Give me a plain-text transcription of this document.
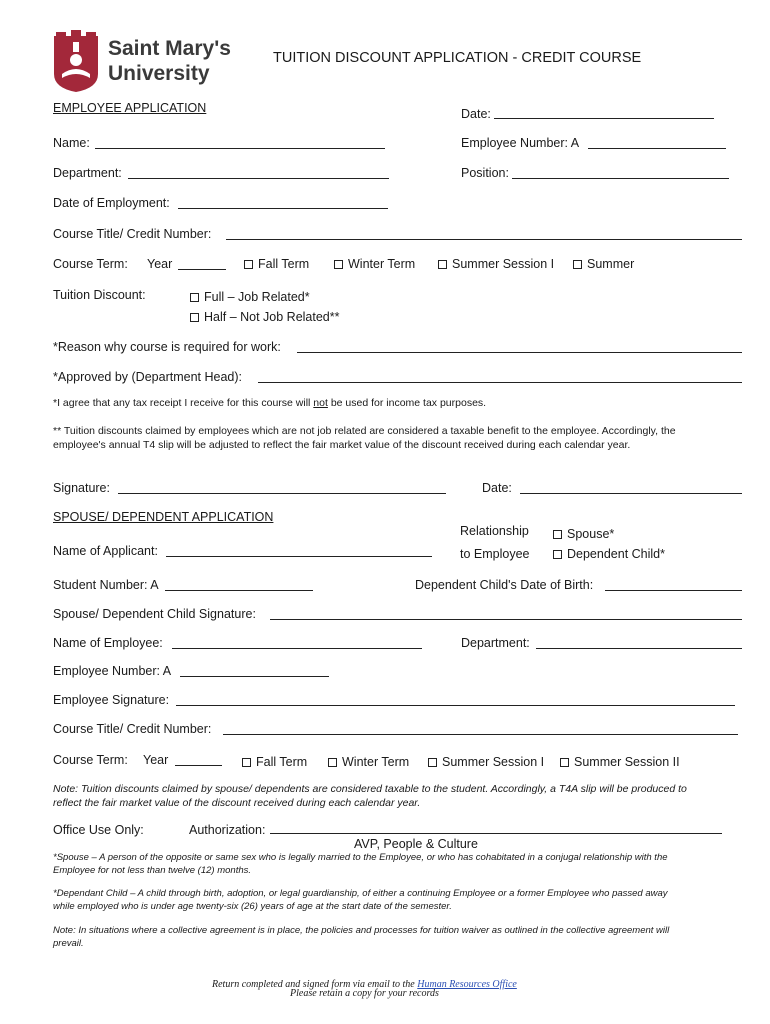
Saint Mary's
University
TUITION DISCOUNT APPLICATION - CREDIT COURSE
EMPLOYEE APPLICATION	Date:
Name:	Employee Number: A
Department:	Position:
Date of Employment:
Course Title/ Credit Number:
Course Term: Year	Fall Term	Winter Term	Summer Session I	Summer
Tuition Discount:	Full – Job Related*
Half – Not Job Related**
*Reason why course is required for work:
*Approved by (Department Head):
*I agree that any tax receipt I receive for this course will not be used for income tax purposes.
** Tuition discounts claimed by employees which are not job related are considered a taxable benefit to the employee. Accordingly, the employee's annual T4 slip will be adjusted to reflect the fair market value of the discount received during each calendar year.
Signature:	Date:
SPOUSE/ DEPENDENT APPLICATION
Relationship
to Employee
Spouse*
Dependent Child*
Name of Applicant:
Student Number: A	Dependent Child's Date of Birth:
Spouse/ Dependent Child Signature:
Name of Employee:	Department:
Employee Number: A
Employee Signature:
Course Title/ Credit Number:
Course Term: Year	Fall Term	Winter Term	Summer Session I	Summer Session II
Note: Tuition discounts claimed by spouse/ dependents are considered taxable to the student. Accordingly, a T4A slip will be produced to reflect the fair market value of the discount received during each calendar year.
Office Use Only:	Authorization:
AVP, People & Culture
*Spouse – A person of the opposite or same sex who is legally married to the Employee, or who has cohabitated in a conjugal relationship with the Employee for not less than twelve (12) months.
*Dependant Child – A child through birth, adoption, or legal guardianship, of either a continuing Employee or a former Employee who passed away while employed who is under age twenty-six (26) years of age at the start date of the semester.
Note: In situations where a collective agreement is in place, the policies and processes for tuition waiver as outlined in the collective agreement will prevail.
Return completed and signed form via email to the Human Resources Office
Please retain a copy for your records
